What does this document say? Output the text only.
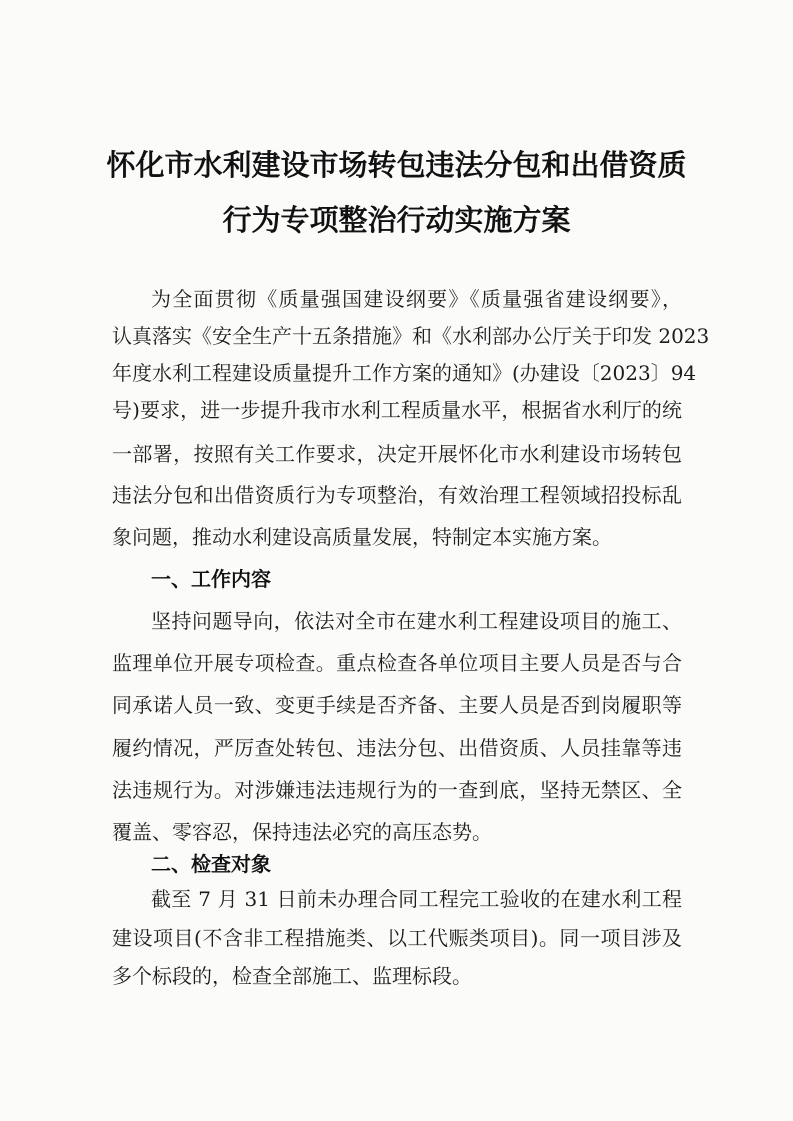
怀化市水利建设市场转包违法分包和出借资质
行为专项整治行动实施方案
为全面贯彻《质量强国建设纲要》《质量强省建设纲要》，
认真落实《安全生产十五条措施》和《水利部办公厅关于印发 2023
年度水利工程建设质量提升工作方案的通知》(办建设〔2023〕94
号)要求，进一步提升我市水利工程质量水平，根据省水利厅的统
一部署，按照有关工作要求，决定开展怀化市水利建设市场转包
违法分包和出借资质行为专项整治，有效治理工程领域招投标乱
象问题，推动水利建设高质量发展，特制定本实施方案。
一、工作内容
坚持问题导向，依法对全市在建水利工程建设项目的施工、
监理单位开展专项检查。重点检查各单位项目主要人员是否与合
同承诺人员一致、变更手续是否齐备、主要人员是否到岗履职等
履约情况，严厉查处转包、违法分包、出借资质、人员挂靠等违
法违规行为。对涉嫌违法违规行为的一查到底，坚持无禁区、全
覆盖、零容忍，保持违法必究的高压态势。
二、检查对象
截至 7 月 31 日前未办理合同工程完工验收的在建水利工程
建设项目(不含非工程措施类、以工代赈类项目)。同一项目涉及
多个标段的，检查全部施工、监理标段。
